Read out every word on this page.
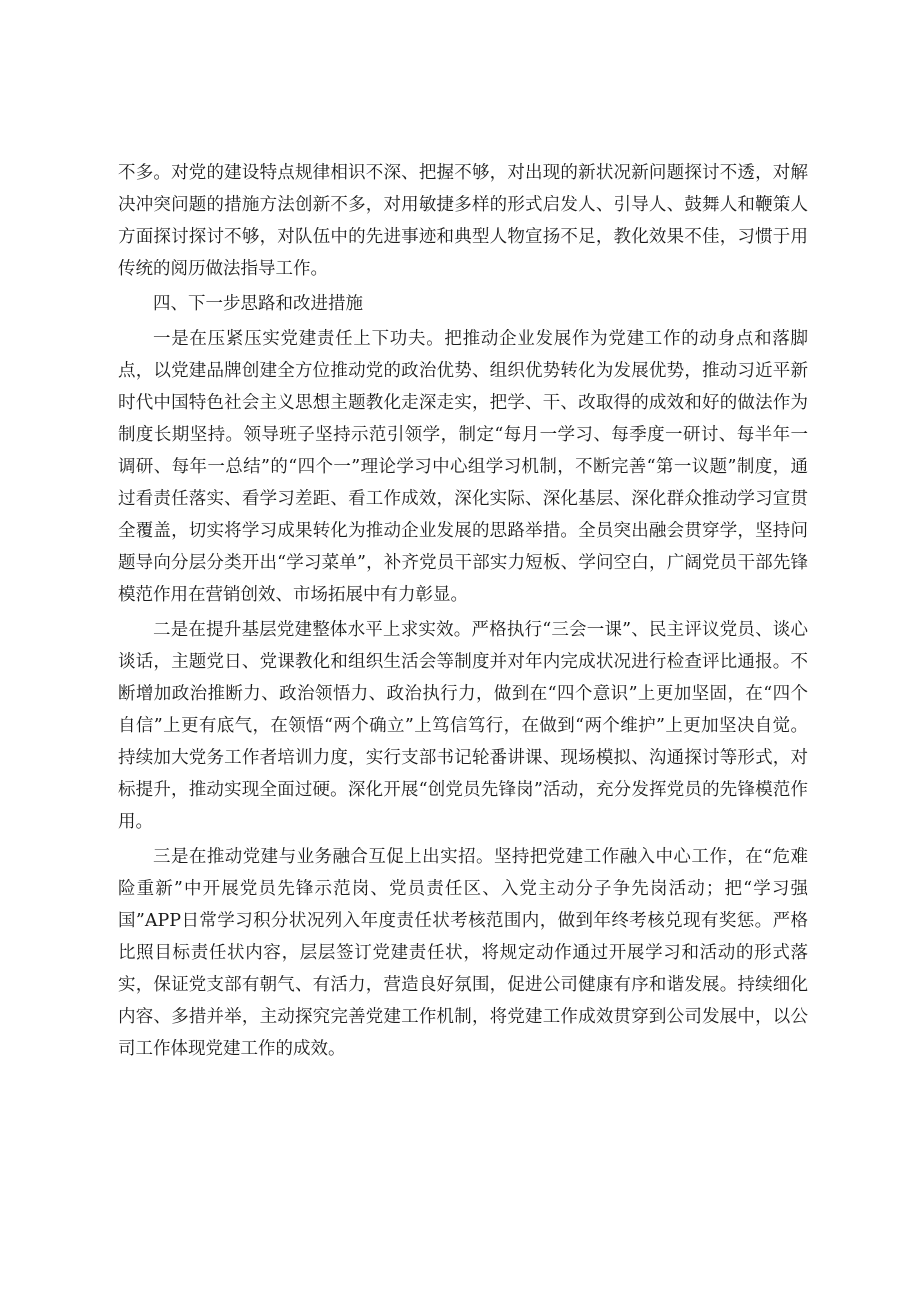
不多。对党的建设特点规律相识不深、把握不够，对出现的新状况新问题探讨不透，对解决冲突问题的措施方法创新不多，对用敏捷多样的形式启发人、引导人、鼓舞人和鞭策人方面探讨探讨不够，对队伍中的先进事迹和典型人物宣扬不足，教化效果不佳，习惯于用传统的阅历做法指导工作。

四、下一步思路和改进措施

一是在压紧压实党建责任上下功夫。把推动企业发展作为党建工作的动身点和落脚点，以党建品牌创建全方位推动党的政治优势、组织优势转化为发展优势，推动习近平新时代中国特色社会主义思想主题教化走深走实，把学、干、改取得的成效和好的做法作为制度长期坚持。领导班子坚持示范引领学，制定“每月一学习、每季度一研讨、每半年一调研、每年一总结”的“四个一”理论学习中心组学习机制，不断完善“第一议题”制度，通过看责任落实、看学习差距、看工作成效，深化实际、深化基层、深化群众推动学习宣贯全覆盖，切实将学习成果转化为推动企业发展的思路举措。全员突出融会贯穿学，坚持问题导向分层分类开出“学习菜单”，补齐党员干部实力短板、学问空白，广阔党员干部先锋模范作用在营销创效、市场拓展中有力彰显。

二是在提升基层党建整体水平上求实效。严格执行“三会一课”、民主评议党员、谈心谈话，主题党日、党课教化和组织生活会等制度并对年内完成状况进行检查评比通报。不断增加政治推断力、政治领悟力、政治执行力，做到在“四个意识”上更加坚固，在“四个自信”上更有底气，在领悟“两个确立”上笃信笃行，在做到“两个维护”上更加坚决自觉。持续加大党务工作者培训力度，实行支部书记轮番讲课、现场模拟、沟通探讨等形式，对标提升，推动实现全面过硬。深化开展“创党员先锋岗”活动，充分发挥党员的先锋模范作用。

三是在推动党建与业务融合互促上出实招。坚持把党建工作融入中心工作，在“危难险重新”中开展党员先锋示范岗、党员责任区、入党主动分子争先岗活动；把“学习强国”APP日常学习积分状况列入年度责任状考核范围内，做到年终考核兑现有奖惩。严格比照目标责任状内容，层层签订党建责任状，将规定动作通过开展学习和活动的形式落实，保证党支部有朝气、有活力，营造良好氛围，促进公司健康有序和谐发展。持续细化内容、多措并举，主动探究完善党建工作机制，将党建工作成效贯穿到公司发展中，以公司工作体现党建工作的成效。
